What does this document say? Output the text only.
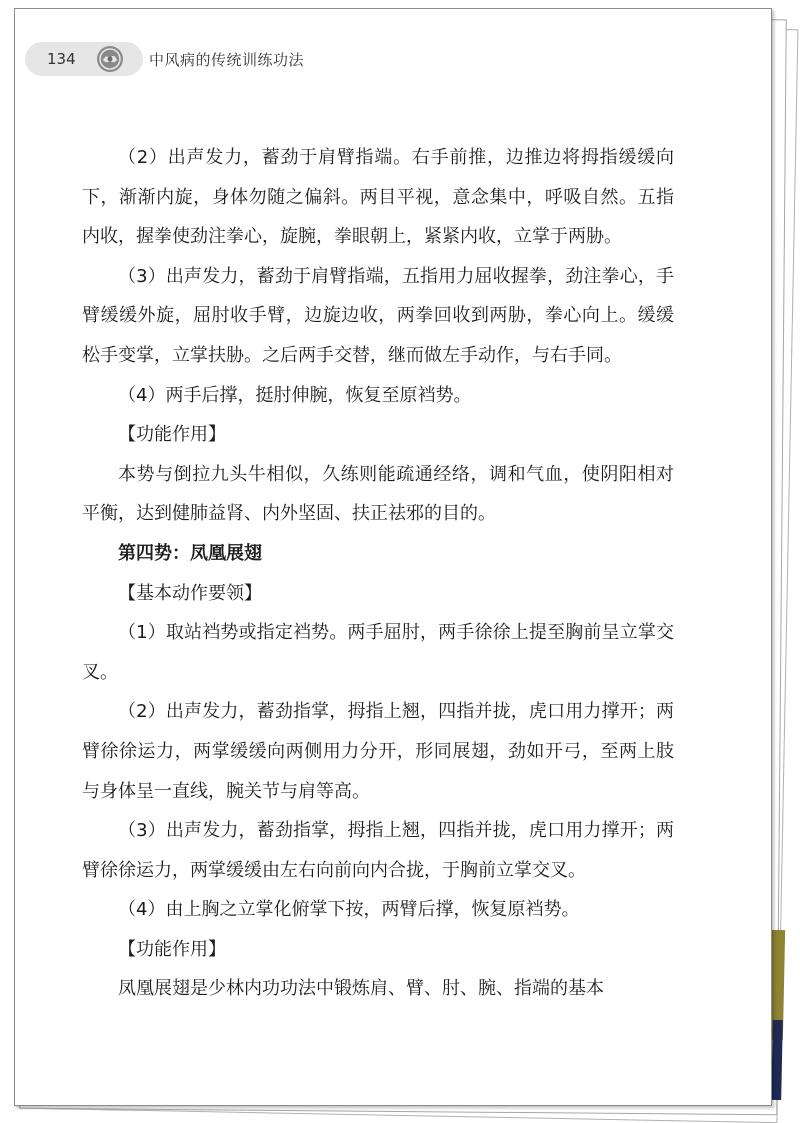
134	中风病的传统训练功法

（2）出声发力，蓄劲于肩臂指端。右手前推，边推边将拇指缓缓向下，渐渐内旋，身体勿随之偏斜。两目平视，意念集中，呼吸自然。五指内收，握拳使劲注拳心，旋腕，拳眼朝上，紧紧内收，立掌于两胁。

（3）出声发力，蓄劲于肩臂指端，五指用力屈收握拳，劲注拳心，手臂缓缓外旋，屈肘收手臂，边旋边收，两拳回收到两胁，拳心向上。缓缓松手变掌，立掌扶胁。之后两手交替，继而做左手动作，与右手同。

（4）两手后撑，挺肘伸腕，恢复至原裆势。

【功能作用】

本势与倒拉九头牛相似，久练则能疏通经络，调和气血，使阴阳相对平衡，达到健肺益肾、内外坚固、扶正祛邪的目的。

第四势：凤凰展翅

【基本动作要领】

（1）取站裆势或指定裆势。两手屈肘，两手徐徐上提至胸前呈立掌交叉。

（2）出声发力，蓄劲指掌，拇指上翘，四指并拢，虎口用力撑开；两臂徐徐运力，两掌缓缓向两侧用力分开，形同展翅，劲如开弓，至两上肢与身体呈一直线，腕关节与肩等高。

（3）出声发力，蓄劲指掌，拇指上翘，四指并拢，虎口用力撑开；两臂徐徐运力，两掌缓缓由左右向前向内合拢，于胸前立掌交叉。

（4）由上胸之立掌化俯掌下按，两臂后撑，恢复原裆势。

【功能作用】

凤凰展翅是少林内功功法中锻炼肩、臂、肘、腕、指端的基本
